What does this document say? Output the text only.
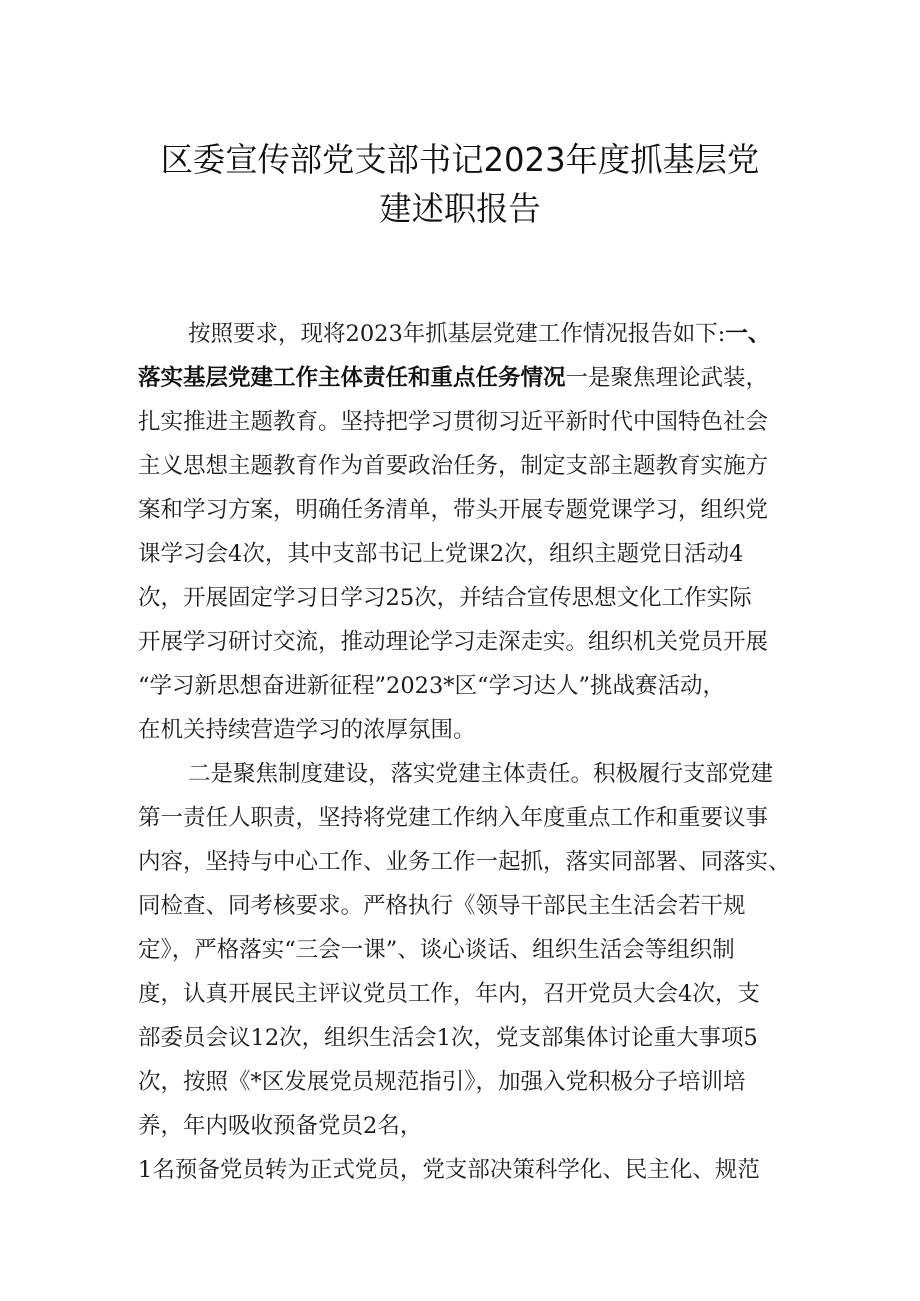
区委宣传部党支部书记2023年度抓基层党
建述职报告
按照要求，现将2023年抓基层党建工作情况报告如下:一、
落实基层党建工作主体责任和重点任务情况一是聚焦理论武装，
扎实推进主题教育。坚持把学习贯彻习近平新时代中国特色社会
主义思想主题教育作为首要政治任务，制定支部主题教育实施方
案和学习方案，明确任务清单，带头开展专题党课学习，组织党
课学习会4次，其中支部书记上党课2次，组织主题党日活动4
次，开展固定学习日学习25次，并结合宣传思想文化工作实际
开展学习研讨交流，推动理论学习走深走实。组织机关党员开展
“学习新思想奋进新征程”2023*区“学习达人”挑战赛活动，
在机关持续营造学习的浓厚氛围。
二是聚焦制度建设，落实党建主体责任。积极履行支部党建
第一责任人职责，坚持将党建工作纳入年度重点工作和重要议事
内容，坚持与中心工作、业务工作一起抓，落实同部署、同落实、
同检查、同考核要求。严格执行《领导干部民主生活会若干规
定》，严格落实“三会一课”、谈心谈话、组织生活会等组织制
度，认真开展民主评议党员工作，年内，召开党员大会4次，支
部委员会议12次，组织生活会1次，党支部集体讨论重大事项5
次，按照《*区发展党员规范指引》，加强入党积极分子培训培
养，年内吸收预备党员2名，
1名预备党员转为正式党员，党支部决策科学化、民主化、规范
